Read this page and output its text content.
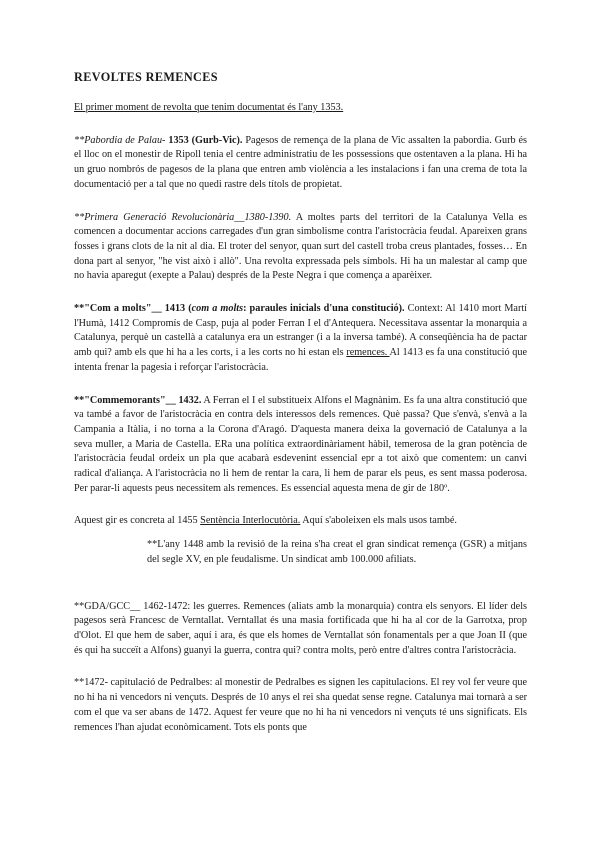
REVOLTES REMENCES

El primer moment de revolta que tenim documentat és l'any 1353.

**Pabordia de Palau- 1353 (Gurb-Vic). Pagesos de remença de la plana de Vic assalten la pabordia. Gurb és el lloc on el monestir de Ripoll tenia el centre administratiu de les possessions que ostentaven a la plana. Hi ha un gruo nombrós de pagesos de la plana que entren amb violència a les instalacions i fan una crema de tota la documentació per a tal que no quedi rastre dels títols de propietat.

**Primera Generació Revolucionària__1380-1390. A moltes parts del territori de la Catalunya Vella es comencen a documentar accions carregades d'un gran simbolisme contra l'aristocràcia feudal. Apareixen grans fosses i grans clots de la nit al dia. El troter del senyor, quan surt del castell troba creus plantades, fosses… En dona part al senyor, "he vist això i allò". Una revolta expressada pels símbols. Hi ha un malestar al camp que no havia aparegut (exepte a Palau) després de la Peste Negra i que comença a aparèixer.

**"Com a molts"__ 1413 (com a molts: paraules inicials d'una constitució). Context: Al 1410 mort Martí l'Humà, 1412 Compromís de Casp, puja al poder Ferran I el d'Antequera. Necessitava assentar la monarquia a Catalunya, perquè un castellà a catalunya era un estranger (i a la inversa també). A conseqüència ha de pactar amb qui? amb els que hi ha a les corts, i a les corts no hi estan els remences. Al 1413 es fa una constitució que intenta frenar la pagesia i reforçar l'aristocràcia.

**"Commemorants"__ 1432. A Ferran el I el substitueix Alfons el Magnànim. Es fa una altra constitució que va també a favor de l'aristocràcia en contra dels interessos dels remences. Què passa? Que s'envà, s'envà a la Campania a Itàlia, i no torna a la Corona d'Aragó. D'aquesta manera deixa la governació de Catalunya a la seva muller, a Maria de Castella. ERa una política extraordinàriament hàbil, temerosa de la gran potència de l'aristocràcia feudal ordeix un pla que acabarà esdevenint essencial epr a tot això que comentem: un canvi radical d'aliança. A l'aristocràcia no li hem de rentar la cara, li hem de parar els peus, es sent massa poderosa. Per parar-li aquests peus necessitem als remences. Es essencial aquesta mena de gir de 180º.

Aquest gir es concreta al 1455 Sentència Interlocutòria. Aquí s'aboleixen els mals usos també.

**L'any 1448 amb la revisió de la reina s'ha creat el gran sindicat remença (GSR) a mitjans del segle XV, en ple feudalisme. Un sindicat amb 100.000 afiliats.

**GDA/GCC__ 1462-1472: les guerres. Remences (aliats amb la monarquia) contra els senyors. El líder dels pagesos serà Francesc de Verntallat. Verntallat és una masia fortificada que hi ha al cor de la Garrotxa, prop d'Olot. El que hem de saber, aquí i ara, és que els homes de Verntallat són fonamentals per a que Joan II (que és qui ha succeït a Alfons) guanyi la guerra, contra qui? contra molts, però entre d'altres contra l'aristocràcia.

**1472- capitulació de Pedralbes: al monestir de Pedralbes es signen les capitulacions. El rey vol fer veure que no hi ha ni vencedors ni vençuts. Després de 10 anys el rei sha quedat sense regne. Catalunya mai tornarà a ser com el que va ser abans de 1472. Aquest fer veure que no hi ha ni vencedors ni vençuts té uns significats. Els remences l'han ajudat econòmicament. Tots els ponts que
